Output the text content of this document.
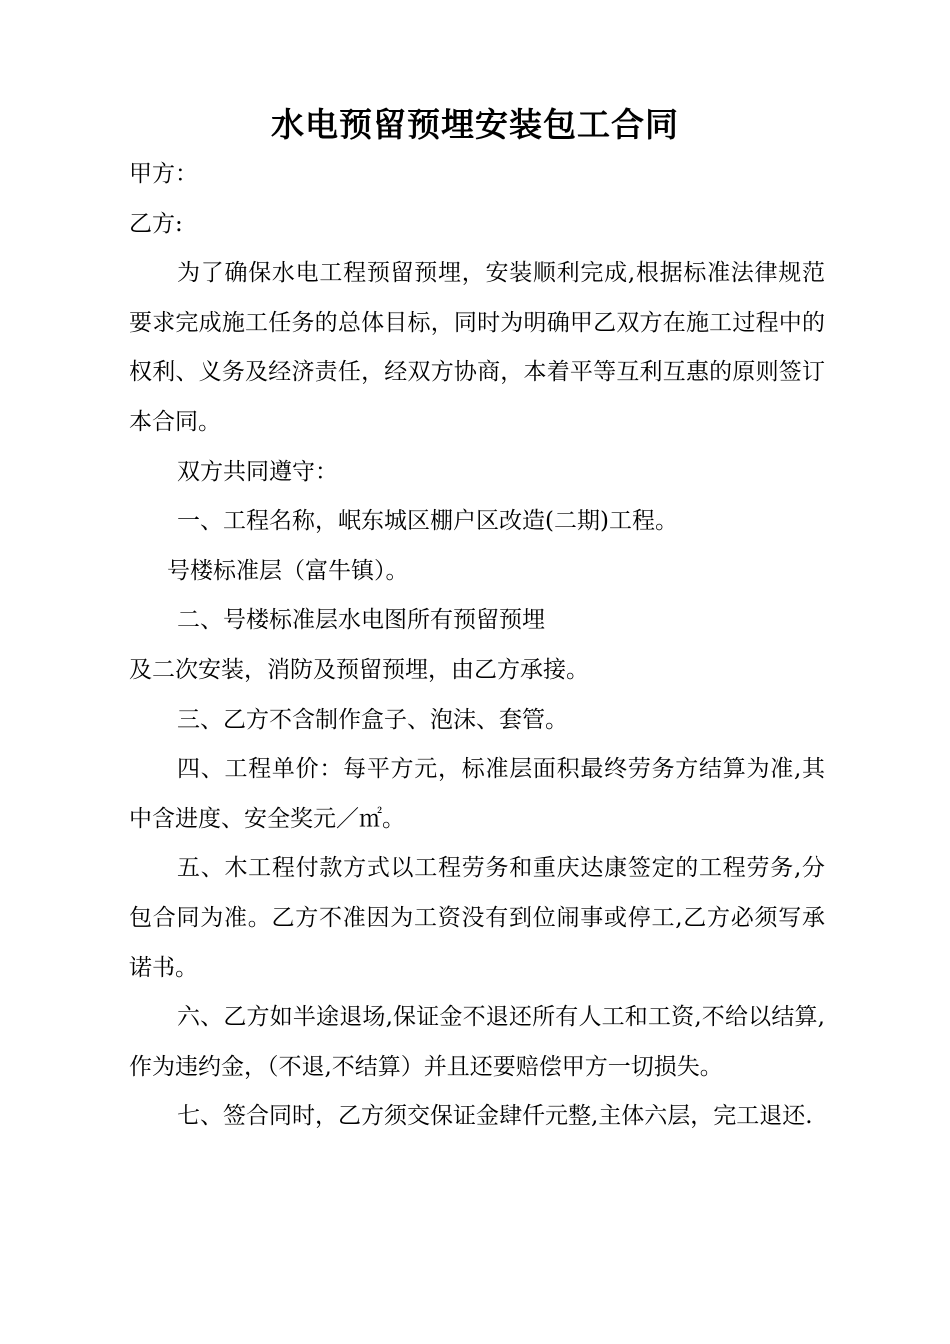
水电预留预埋安装包工合同

甲方：

乙方:

为了确保水电工程预留预埋，安装顺利完成,根据标准法律规范要求完成施工任务的总体目标，同时为明确甲乙双方在施工过程中的权利、义务及经济责任，经双方协商，本着平等互利互惠的原则签订本合同。

双方共同遵守：

一、工程名称，岷东城区棚户区改造(二期)工程。

号楼标准层（富牛镇）。

二、号楼标准层水电图所有预留预埋

及二次安装，消防及预留预埋，由乙方承接。

三、乙方不含制作盒子、泡沫、套管。

四、工程单价：每平方元，标准层面积最终劳务方结算为准,其中含进度、安全奖元／㎡。

五、木工程付款方式以工程劳务和重庆达康签定的工程劳务,分包合同为准。乙方不准因为工资没有到位闹事或停工,乙方必须写承诺书。

六、乙方如半途退场,保证金不退还所有人工和工资,不给以结算,作为违约金，（不退,不结算）并且还要赔偿甲方一切损失。

七、签合同时，乙方须交保证金肆仟元整,主体六层，完工退还.
